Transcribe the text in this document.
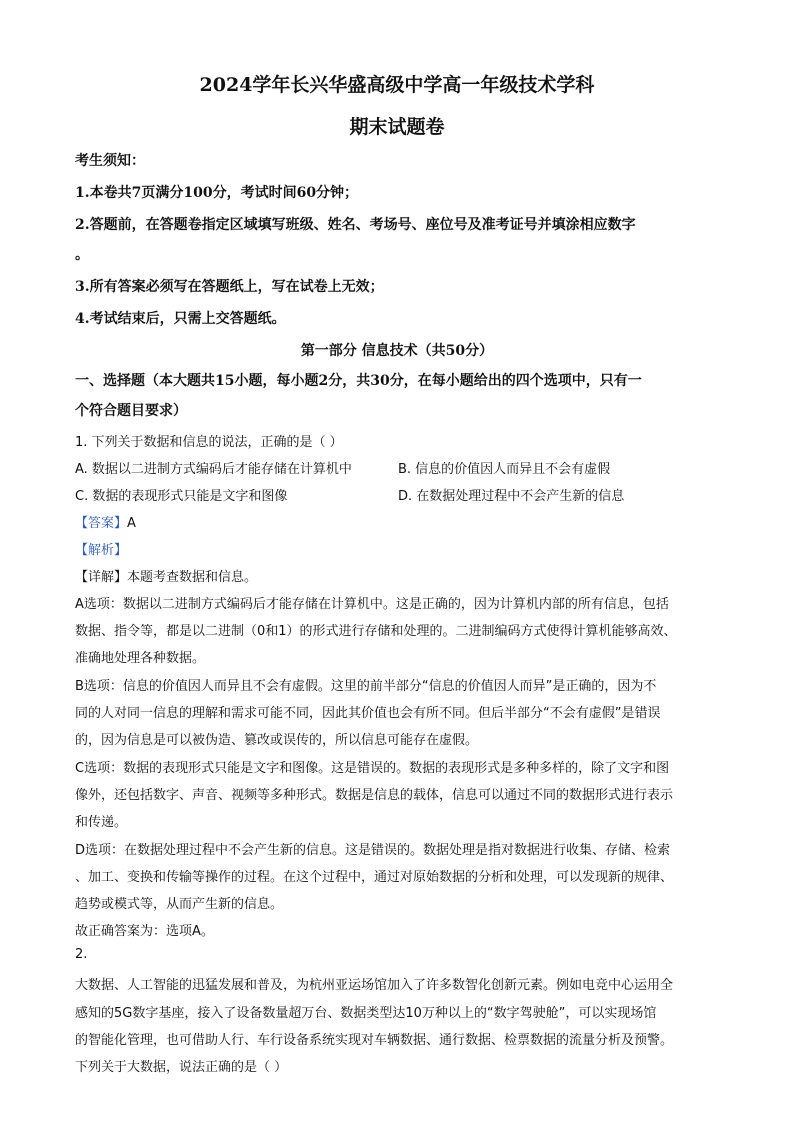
2024学年长兴华盛高级中学高一年级技术学科
期末试题卷
考生须知：
1.本卷共7页满分100分，考试时间60分钟；
2.答题前，在答题卷指定区域填写班级、姓名、考场号、座位号及准考证号并填涂相应数字
。
3.所有答案必须写在答题纸上，写在试卷上无效；
4.考试结束后，只需上交答题纸。
第一部分 信息技术（共50分）
一、选择题（本大题共15小题，每小题2分，共30分，在每小题给出的四个选项中，只有一
个符合题目要求）
1. 下列关于数据和信息的说法，正确的是（ ）
A. 数据以二进制方式编码后才能存储在计算机中	B. 信息的价值因人而异且不会有虚假
C. 数据的表现形式只能是文字和图像	D. 在数据处理过程中不会产生新的信息
【答案】A
【解析】
【详解】本题考查数据和信息。
A选项：数据以二进制方式编码后才能存储在计算机中。这是正确的，因为计算机内部的所有信息，包括
数据、指令等，都是以二进制（0和1）的形式进行存储和处理的。二进制编码方式使得计算机能够高效、
准确地处理各种数据。
B选项：信息的价值因人而异且不会有虚假。这里的前半部分“信息的价值因人而异”是正确的，因为不
同的人对同一信息的理解和需求可能不同，因此其价值也会有所不同。但后半部分“不会有虚假”是错误
的，因为信息是可以被伪造、篡改或误传的，所以信息可能存在虚假。
C选项：数据的表现形式只能是文字和图像。这是错误的。数据的表现形式是多种多样的，除了文字和图
像外，还包括数字、声音、视频等多种形式。数据是信息的载体，信息可以通过不同的数据形式进行表示
和传递。
D选项：在数据处理过程中不会产生新的信息。这是错误的。数据处理是指对数据进行收集、存储、检索
、加工、变换和传输等操作的过程。在这个过程中，通过对原始数据的分析和处理，可以发现新的规律、
趋势或模式等，从而产生新的信息。
故正确答案为：选项A。
2.
大数据、人工智能的迅猛发展和普及，为杭州亚运场馆加入了许多数智化创新元素。例如电竞中心运用全
感知的5G数字基座，接入了设备数量超万台、数据类型达10万种以上的“数字驾驶舱”，可以实现场馆
的智能化管理，也可借助人行、车行设备系统实现对车辆数据、通行数据、检票数据的流量分析及预警。
下列关于大数据，说法正确的是（ ）
